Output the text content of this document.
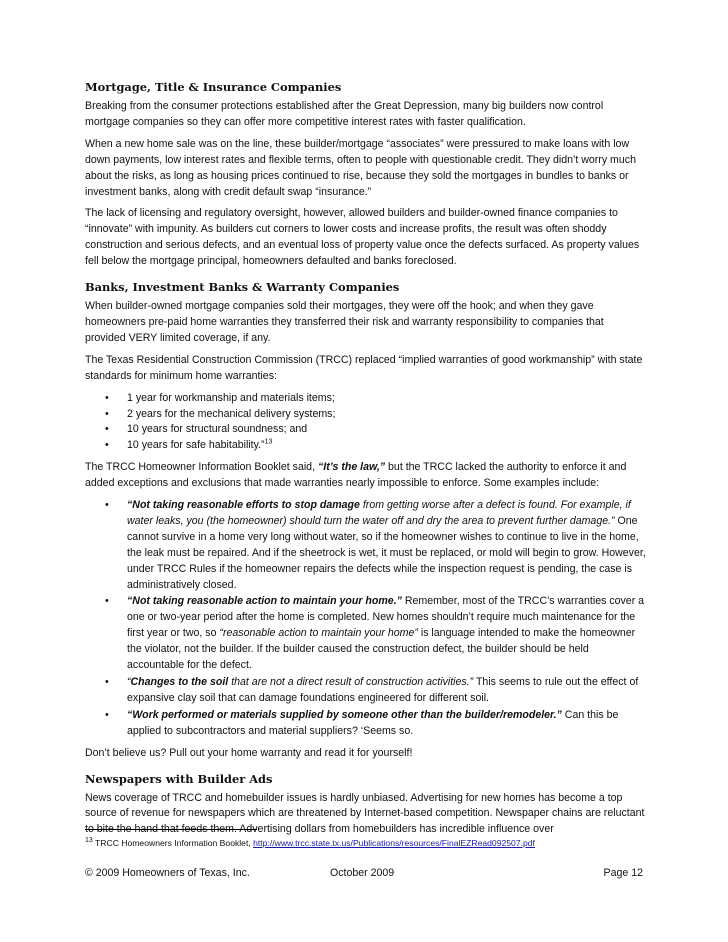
Mortgage, Title & Insurance Companies

Breaking from the consumer protections established after the Great Depression, many big builders now control mortgage companies so they can offer more competitive interest rates with faster qualification.

When a new home sale was on the line, these builder/mortgage “associates” were pressured to make loans with low down payments, low interest rates and flexible terms, often to people with questionable credit. They didn’t worry much about the risks, as long as housing prices continued to rise, because they sold the mortgages in bundles to banks or investment banks, along with credit default swap “insurance.”

The lack of licensing and regulatory oversight, however, allowed builders and builder-owned finance companies to “innovate” with impunity. As builders cut corners to lower costs and increase profits, the result was often shoddy construction and serious defects, and an eventual loss of property value once the defects surfaced. As property values fell below the mortgage principal, homeowners defaulted and banks foreclosed.

Banks, Investment Banks & Warranty Companies

When builder-owned mortgage companies sold their mortgages, they were off the hook; and when they gave homeowners pre-paid home warranties they transferred their risk and warranty responsibility to companies that provided VERY limited coverage, if any.

The Texas Residential Construction Commission (TRCC) replaced “implied warranties of good workmanship” with state standards for minimum home warranties:

• 1 year for workmanship and materials items;
• 2 years for the mechanical delivery systems;
• 10 years for structural soundness; and
• 10 years for safe habitability.”$^{13}$

The TRCC Homeowner Information Booklet said, “It’s the law,” but the TRCC lacked the authority to enforce it and added exceptions and exclusions that made warranties nearly impossible to enforce. Some examples include:

• “Not taking reasonable efforts to stop damage from getting worse after a defect is found. For example, if water leaks, you (the homeowner) should turn the water off and dry the area to prevent further damage.” One cannot survive in a home very long without water, so if the homeowner wishes to continue to live in the home, the leak must be repaired. And if the sheetrock is wet, it must be replaced, or mold will begin to grow. However, under TRCC Rules if the homeowner repairs the defects while the inspection request is pending, the case is administratively closed.
• “Not taking reasonable action to maintain your home.” Remember, most of the TRCC’s warranties cover a one or two-year period after the home is completed. New homes shouldn’t require much maintenance for the first year or two, so “reasonable action to maintain your home” is language intended to make the homeowner the violator, not the builder. If the builder caused the construction defect, the builder should be held accountable for the defect.
• “Changes to the soil that are not a direct result of construction activities.” This seems to rule out the effect of expansive clay soil that can damage foundations engineered for different soil.
• “Work performed or materials supplied by someone other than the builder/remodeler.” Can this be applied to subcontractors and material suppliers? ‘Seems so.

Don’t believe us? Pull out your home warranty and read it for yourself!

Newspapers with Builder Ads

News coverage of TRCC and homebuilder issues is hardly unbiased. Advertising for new homes has become a top source of revenue for newspapers which are threatened by Internet-based competition. Newspaper chains are reluctant to bite the hand that feeds them. Advertising dollars from homebuilders has incredible influence over

$^{13}$ TRCC Homeowners Information Booklet, http://www.trcc.state.tx.us/Publications/resources/FinalEZRead092507.pdf
© 2009 Homeowners of Texas, Inc.	October 2009	Page 12
